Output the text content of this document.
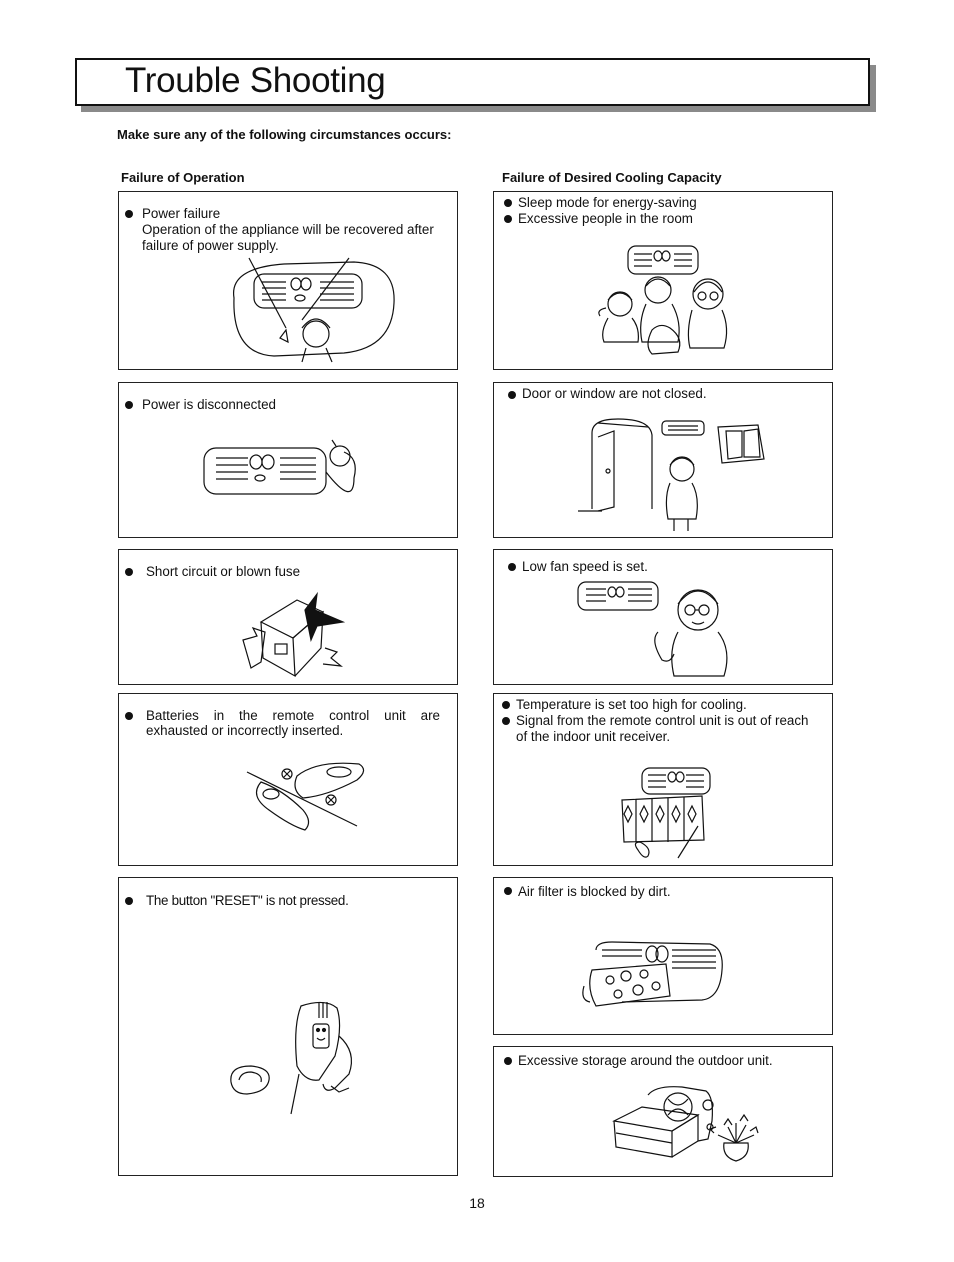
Trouble Shooting
Make sure any of the following circumstances occurs:
Failure of Operation	Failure of Desired Cooling Capacity
Power failure
Operation of the appliance will be recovered after
failure of power supply.
Power is disconnected
Short circuit or blown fuse
Batteries in the remote control unit are
exhausted or incorrectly inserted.
The button "RESET" is not pressed.
Sleep mode for energy-saving
Excessive people in the room
Door or window are not closed.
Low fan speed is set.
Temperature is set too high for cooling.
Signal from the remote control unit is out of reach
of the indoor unit receiver.
Air filter is blocked by dirt.
Excessive storage around the outdoor unit.
18
